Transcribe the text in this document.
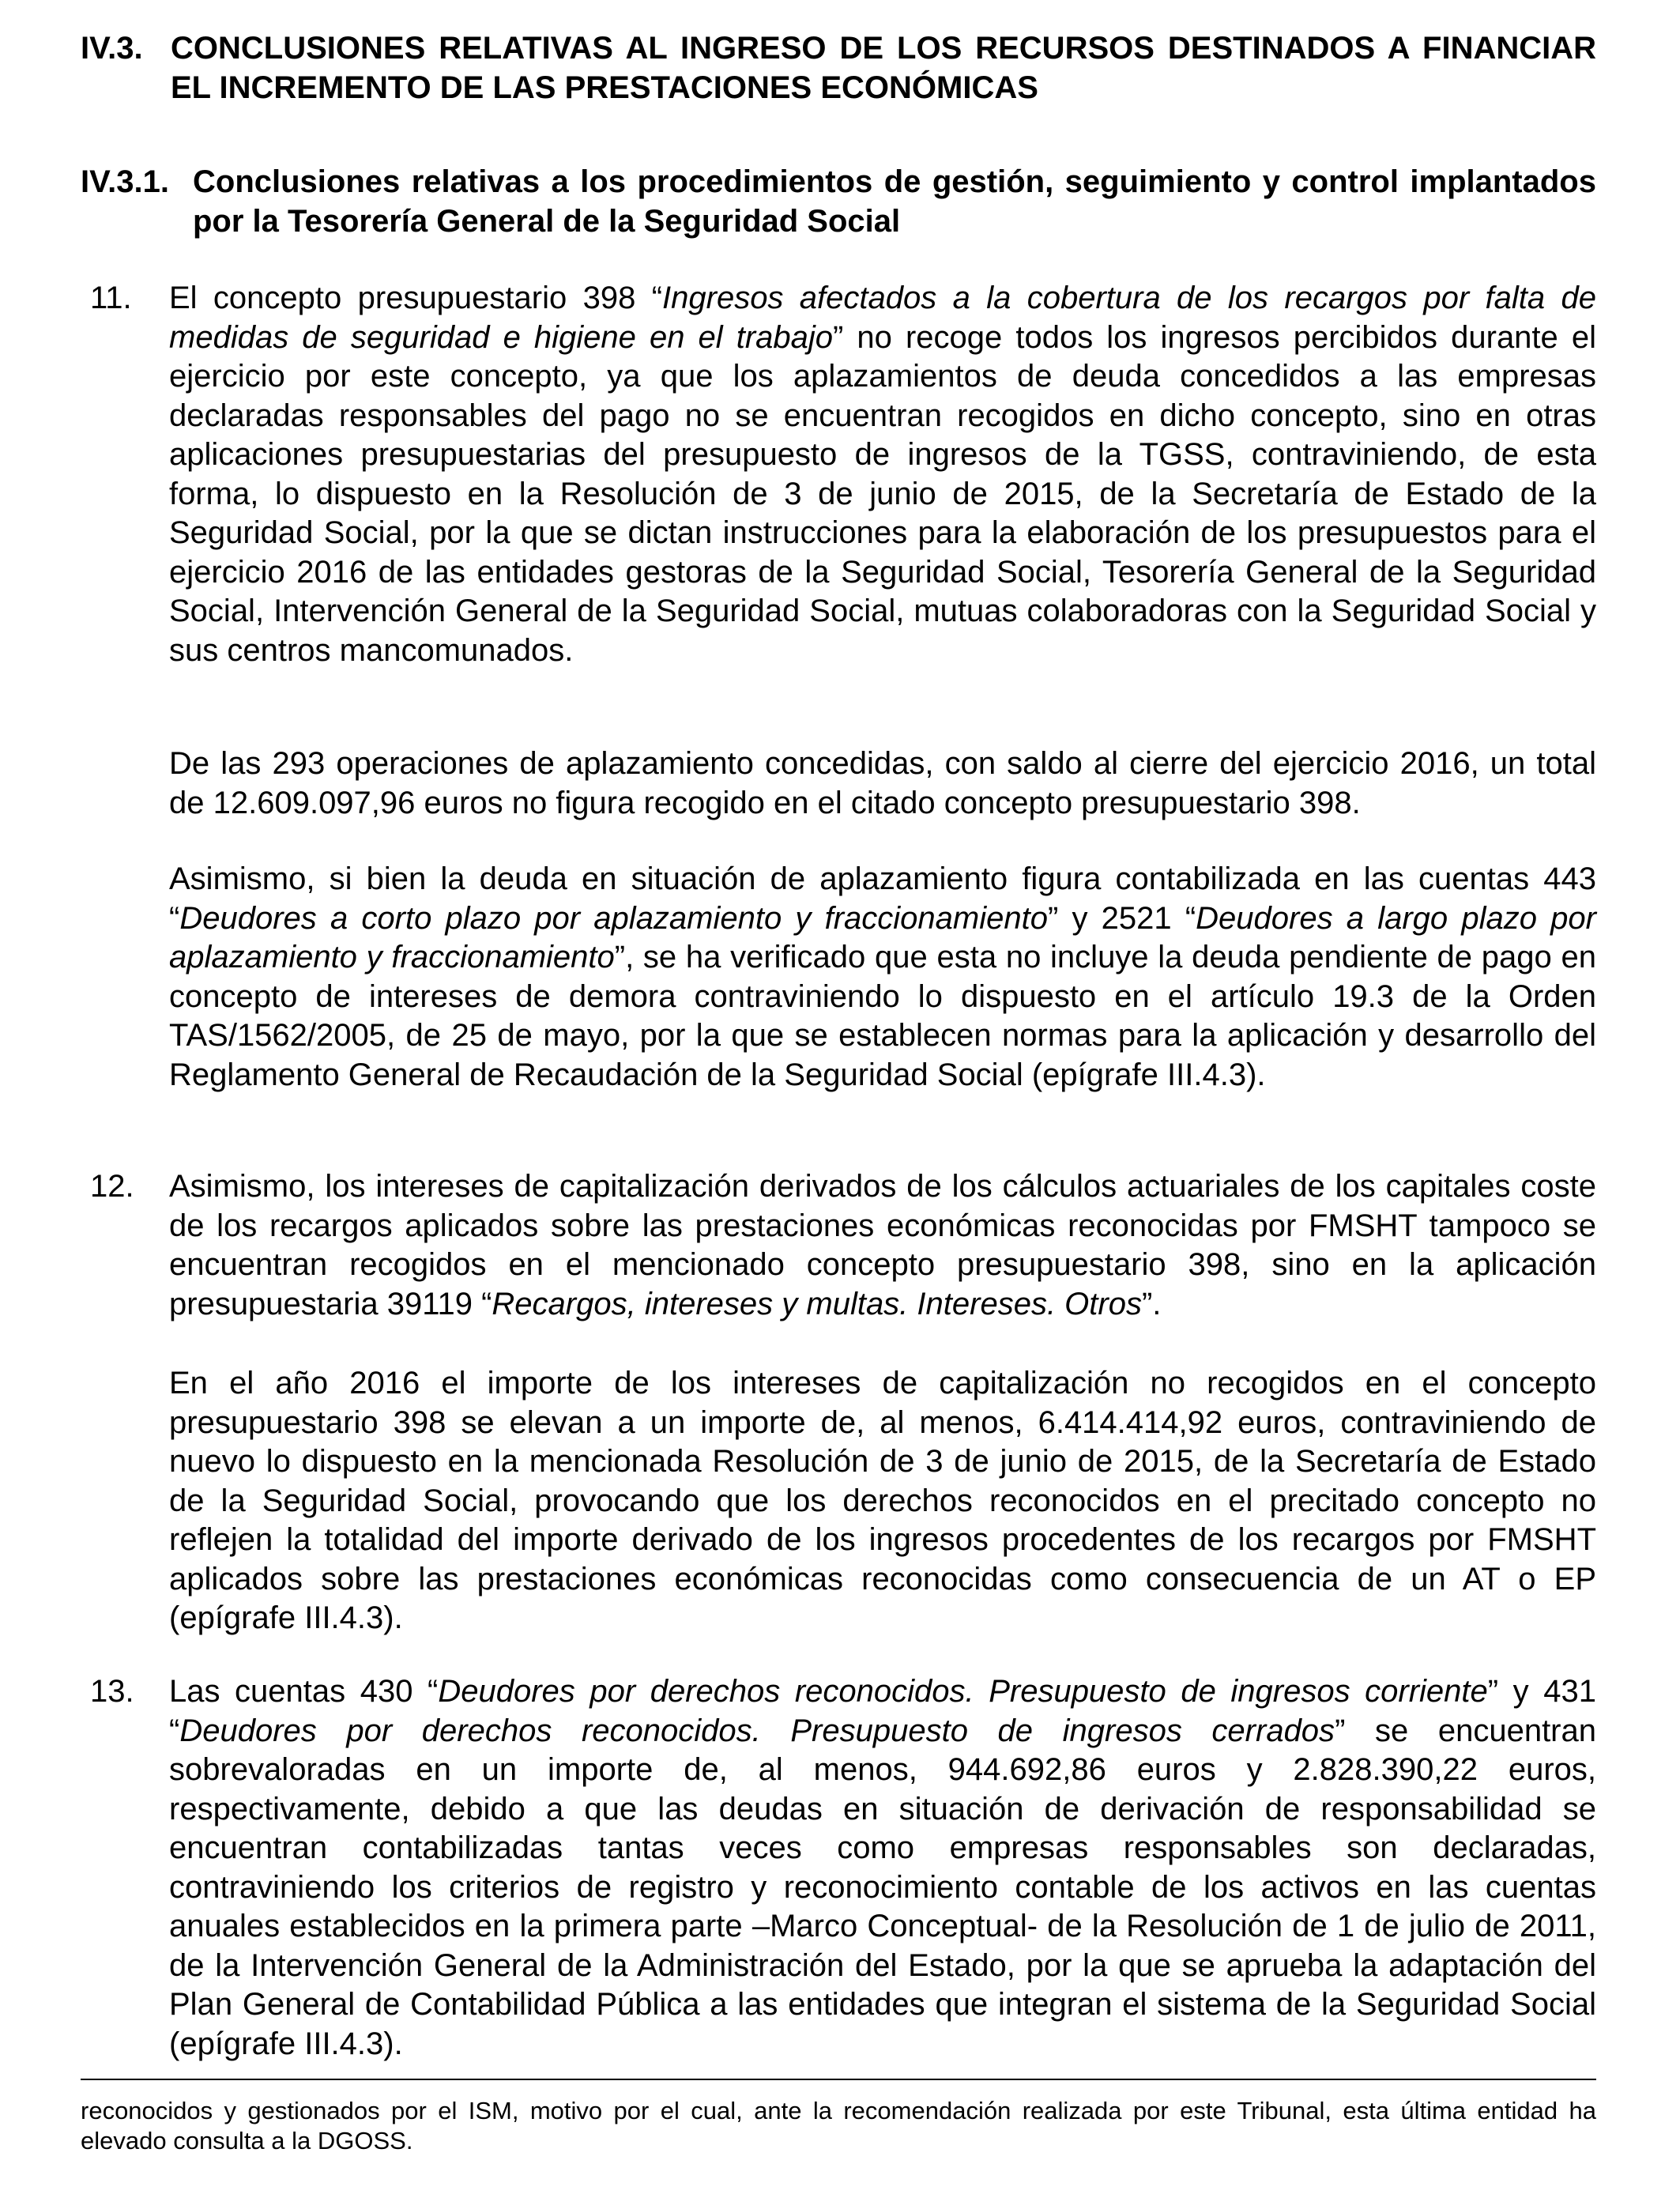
IV.3. CONCLUSIONES RELATIVAS AL INGRESO DE LOS RECURSOS DESTINADOS A FINANCIAR EL INCREMENTO DE LAS PRESTACIONES ECONÓMICAS
IV.3.1. Conclusiones relativas a los procedimientos de gestión, seguimiento y control implantados por la Tesorería General de la Seguridad Social
11. El concepto presupuestario 398 “Ingresos afectados a la cobertura de los recargos por falta de medidas de seguridad e higiene en el trabajo” no recoge todos los ingresos percibidos durante el ejercicio por este concepto, ya que los aplazamientos de deuda concedidos a las empresas declaradas responsables del pago no se encuentran recogidos en dicho concepto, sino en otras aplicaciones presupuestarias del presupuesto de ingresos de la TGSS, contraviniendo, de esta forma, lo dispuesto en la Resolución de 3 de junio de 2015, de la Secretaría de Estado de la Seguridad Social, por la que se dictan instrucciones para la elaboración de los presupuestos para el ejercicio 2016 de las entidades gestoras de la Seguridad Social, Tesorería General de la Seguridad Social, Intervención General de la Seguridad Social, mutuas colaboradoras con la Seguridad Social y sus centros mancomunados.
De las 293 operaciones de aplazamiento concedidas, con saldo al cierre del ejercicio 2016, un total de 12.609.097,96 euros no figura recogido en el citado concepto presupuestario 398.
Asimismo, si bien la deuda en situación de aplazamiento figura contabilizada en las cuentas 443 “Deudores a corto plazo por aplazamiento y fraccionamiento” y 2521 “Deudores a largo plazo por aplazamiento y fraccionamiento”, se ha verificado que esta no incluye la deuda pendiente de pago en concepto de intereses de demora contraviniendo lo dispuesto en el artículo 19.3 de la Orden TAS/1562/2005, de 25 de mayo, por la que se establecen normas para la aplicación y desarrollo del Reglamento General de Recaudación de la Seguridad Social (epígrafe III.4.3).
12. Asimismo, los intereses de capitalización derivados de los cálculos actuariales de los capitales coste de los recargos aplicados sobre las prestaciones económicas reconocidas por FMSHT tampoco se encuentran recogidos en el mencionado concepto presupuestario 398, sino en la aplicación presupuestaria 39119 “Recargos, intereses y multas. Intereses. Otros”.
En el año 2016 el importe de los intereses de capitalización no recogidos en el concepto presupuestario 398 se elevan a un importe de, al menos, 6.414.414,92 euros, contraviniendo de nuevo lo dispuesto en la mencionada Resolución de 3 de junio de 2015, de la Secretaría de Estado de la Seguridad Social, provocando que los derechos reconocidos en el precitado concepto no reflejen la totalidad del importe derivado de los ingresos procedentes de los recargos por FMSHT aplicados sobre las prestaciones económicas reconocidas como consecuencia de un AT o EP (epígrafe III.4.3).
13. Las cuentas 430 “Deudores por derechos reconocidos. Presupuesto de ingresos corriente” y 431 “Deudores por derechos reconocidos. Presupuesto de ingresos cerrados” se encuentran sobrevaloradas en un importe de, al menos, 944.692,86 euros y 2.828.390,22 euros, respectivamente, debido a que las deudas en situación de derivación de responsabilidad se encuentran contabilizadas tantas veces como empresas responsables son declaradas, contraviniendo los criterios de registro y reconocimiento contable de los activos en las cuentas anuales establecidos en la primera parte –Marco Conceptual- de la Resolución de 1 de julio de 2011, de la Intervención General de la Administración del Estado, por la que se aprueba la adaptación del Plan General de Contabilidad Pública a las entidades que integran el sistema de la Seguridad Social (epígrafe III.4.3).
reconocidos y gestionados por el ISM, motivo por el cual, ante la recomendación realizada por este Tribunal, esta última entidad ha elevado consulta a la DGOSS.
